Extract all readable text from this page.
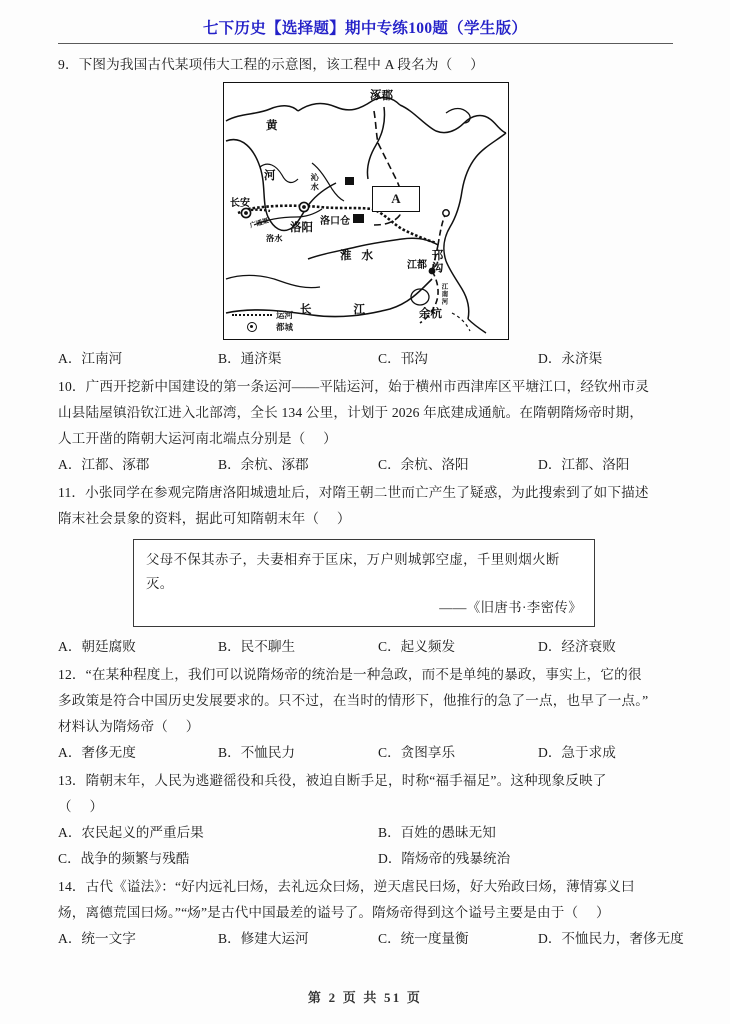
七下历史【选择题】期中专练100题（学生版）
9．下图为我国古代某项伟大工程的示意图，该工程中 A 段名为（     ）
涿郡
黄
河	沁水
长安
广通渠
洛水
洛阳
洛口仓
淮水
江都 邗沟
江南河
余杭
长江
A
运河
都城
A．江南河	B．通济渠	C．邗沟	D．永济渠
10．广西开挖新中国建设的第一条运河——平陆运河，始于横州市西津库区平塘江口，经钦州市灵
山县陆屋镇沿钦江进入北部湾，全长 134 公里，计划于 2026 年底建成通航。在隋朝隋炀帝时期，
人工开凿的隋朝大运河南北端点分别是（     ）
A．江都、涿郡	B．余杭、涿郡	C．余杭、洛阳	D．江都、洛阳
11．小张同学在参观完隋唐洛阳城遗址后，对隋王朝二世而亡产生了疑惑，为此搜索到了如下描述
隋末社会景象的资料，据此可知隋朝末年（     ）
父母不保其赤子，夫妻相弃于匡床，万户则城郭空虚，千里则烟火断灭。
——《旧唐书·李密传》
A．朝廷腐败	B．民不聊生	C．起义频发	D．经济衰败
12．“在某种程度上，我们可以说隋炀帝的统治是一种急政，而不是单纯的暴政，事实上，它的很
多政策是符合中国历史发展要求的。只不过，在当时的情形下，他推行的急了一点，也早了一点。”
材料认为隋炀帝（     ）
A．奢侈无度	B．不恤民力	C．贪图享乐	D．急于求成
13．隋朝末年，人民为逃避徭役和兵役，被迫自断手足，时称“福手福足”。这种现象反映了
（     ）
A．农民起义的严重后果	B．百姓的愚昧无知
C．战争的频繁与残酷	D．隋炀帝的残暴统治
14．古代《谥法》：“好内远礼曰炀，去礼远众曰炀，逆天虐民曰炀，好大殆政曰炀，薄情寡义曰
炀，离德荒国曰炀。”“炀”是古代中国最差的谥号了。隋炀帝得到这个谥号主要是由于（     ）
A．统一文字	B．修建大运河	C．统一度量衡	D．不恤民力，奢侈无度
第 2 页 共 51 页
